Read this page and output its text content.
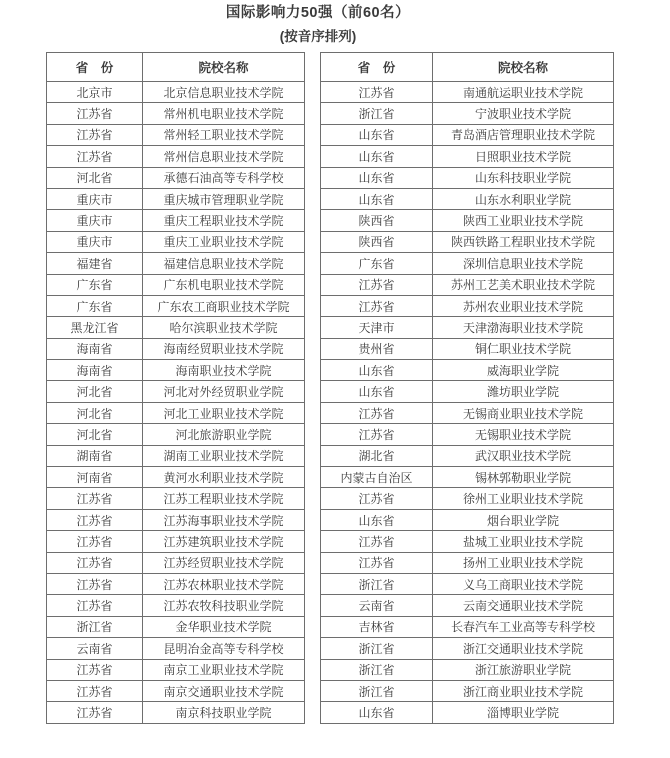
国际影响力50强（前60名）
(按音序排列)
省　份	院校名称
北京市	北京信息职业技术学院
江苏省	常州机电职业技术学院
江苏省	常州轻工职业技术学院
江苏省	常州信息职业技术学院
河北省	承德石油高等专科学校
重庆市	重庆城市管理职业学院
重庆市	重庆工程职业技术学院
重庆市	重庆工业职业技术学院
福建省	福建信息职业技术学院
广东省	广东机电职业技术学院
广东省	广东农工商职业技术学院
黑龙江省	哈尔滨职业技术学院
海南省	海南经贸职业技术学院
海南省	海南职业技术学院
河北省	河北对外经贸职业学院
河北省	河北工业职业技术学院
河北省	河北旅游职业学院
湖南省	湖南工业职业技术学院
河南省	黄河水利职业技术学院
江苏省	江苏工程职业技术学院
江苏省	江苏海事职业技术学院
江苏省	江苏建筑职业技术学院
江苏省	江苏经贸职业技术学院
江苏省	江苏农林职业技术学院
江苏省	江苏农牧科技职业学院
浙江省	金华职业技术学院
云南省	昆明冶金高等专科学校
江苏省	南京工业职业技术学院
江苏省	南京交通职业技术学院
江苏省	南京科技职业学院
省　份	院校名称
江苏省	南通航运职业技术学院
浙江省	宁波职业技术学院
山东省	青岛酒店管理职业技术学院
山东省	日照职业技术学院
山东省	山东科技职业学院
山东省	山东水利职业学院
陕西省	陕西工业职业技术学院
陕西省	陕西铁路工程职业技术学院
广东省	深圳信息职业技术学院
江苏省	苏州工艺美术职业技术学院
江苏省	苏州农业职业技术学院
天津市	天津渤海职业技术学院
贵州省	铜仁职业技术学院
山东省	威海职业学院
山东省	潍坊职业学院
江苏省	无锡商业职业技术学院
江苏省	无锡职业技术学院
湖北省	武汉职业技术学院
内蒙古自治区	锡林郭勒职业学院
江苏省	徐州工业职业技术学院
山东省	烟台职业学院
江苏省	盐城工业职业技术学院
江苏省	扬州工业职业技术学院
浙江省	义乌工商职业技术学院
云南省	云南交通职业技术学院
吉林省	长春汽车工业高等专科学校
浙江省	浙江交通职业技术学院
浙江省	浙江旅游职业学院
浙江省	浙江商业职业技术学院
山东省	淄博职业学院
